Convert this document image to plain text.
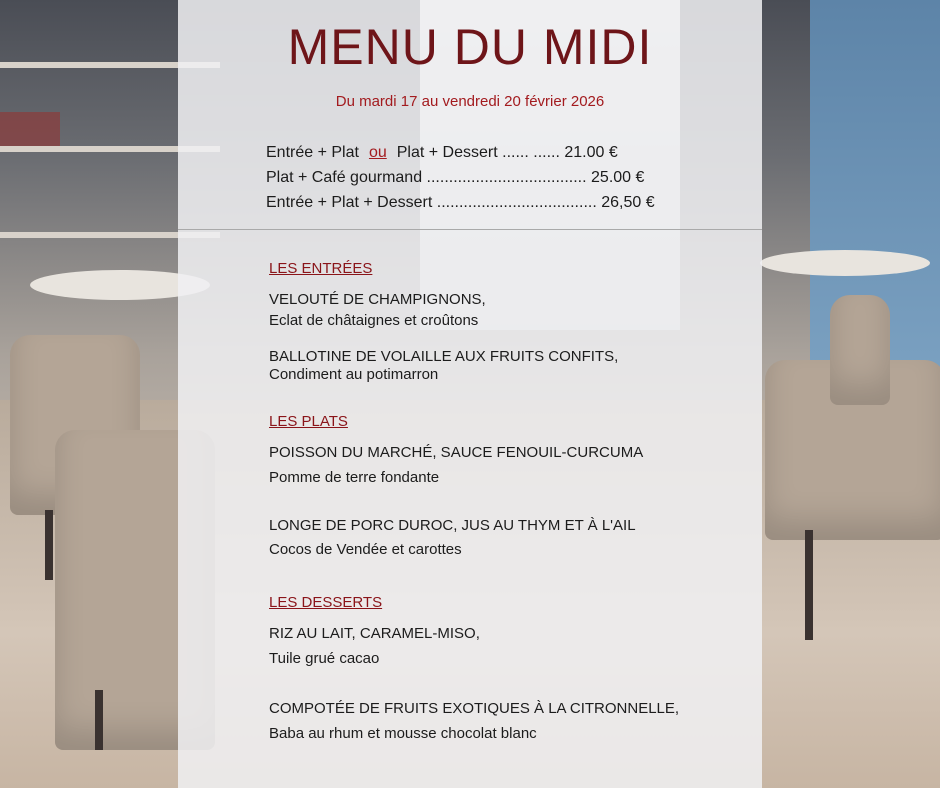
MENU DU MIDI
Du mardi 17 au vendredi 20 février 2026
Entrée + Plat ou Plat + Dessert ...... ...... 21.00 €
Plat + Café gourmand .................................... 25.00 €
Entrée + Plat + Dessert .................................... 26,50 €
LES ENTRÉES
VELOUTÉ DE CHAMPIGNONS,
Eclat de châtaignes et croûtons
BALLOTINE DE VOLAILLE AUX FRUITS CONFITS,
Condiment au potimarron
LES PLATS
POISSON DU MARCHÉ, SAUCE FENOUIL-CURCUMA
Pomme de terre fondante
LONGE DE PORC DUROC, JUS AU THYM ET À L'AIL
Cocos de Vendée et carottes
LES DESSERTS
RIZ AU LAIT, CARAMEL-MISO,
Tuile grué cacao
COMPOTÉE DE FRUITS EXOTIQUES À LA CITRONNELLE,
Baba au rhum et mousse chocolat blanc
